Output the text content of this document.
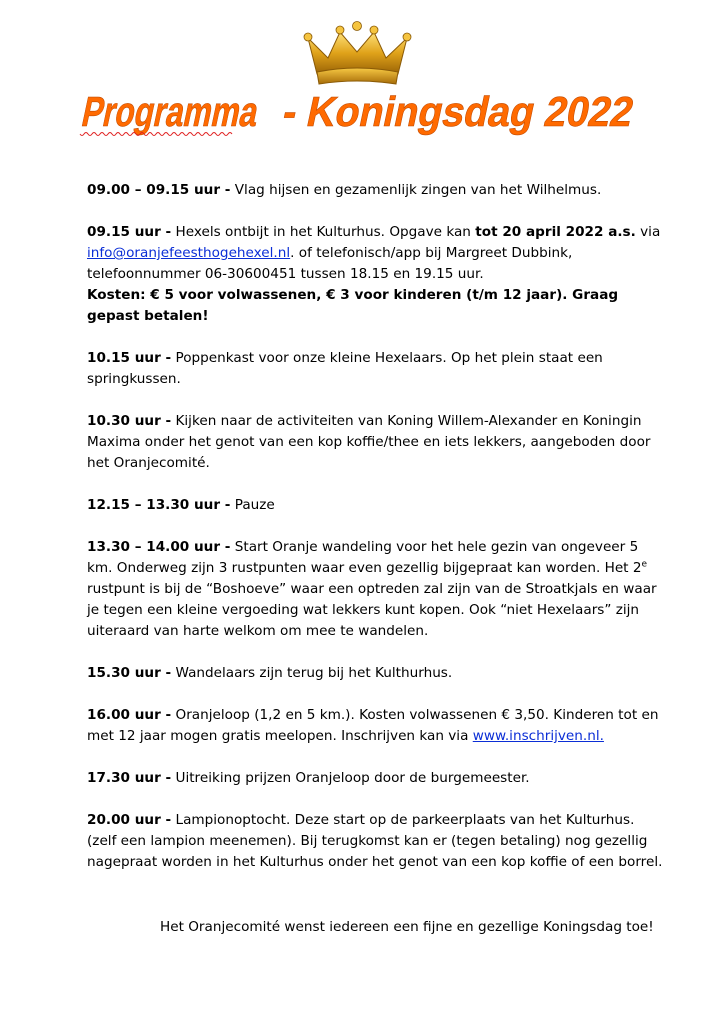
Programma
- Koningsdag 2022

09.00 – 09.15 uur - Vlag hijsen en gezamenlijk zingen van het Wilhelmus.

09.15 uur - Hexels ontbijt in het Kulturhus. Opgave kan tot 20 april 2022 a.s. via
info@oranjefeesthogehexel.nl. of telefonisch/app bij Margreet Dubbink,
telefoonnummer 06-30600451 tussen 18.15 en 19.15 uur.
Kosten: € 5 voor volwassenen, € 3 voor kinderen (t/m 12 jaar). Graag gepast betalen!

10.15 uur - Poppenkast voor onze kleine Hexelaars. Op het plein staat een springkussen.

10.30 uur - Kijken naar de activiteiten van Koning Willem-Alexander en Koningin Maxima onder het genot van een kop koffie/thee en iets lekkers, aangeboden door het Oranjecomité.

12.15 – 13.30 uur - Pauze

13.30 – 14.00 uur - Start Oranje wandeling voor het hele gezin van ongeveer 5 km. Onderweg zijn 3 rustpunten waar even gezellig bijgepraat kan worden. Het 2e rustpunt is bij de “Boshoeve” waar een optreden zal zijn van de Stroatkjals en waar je tegen een kleine vergoeding wat lekkers kunt kopen. Ook “niet Hexelaars” zijn uiteraard van harte welkom om mee te wandelen.

15.30 uur - Wandelaars zijn terug bij het Kulthurhus.

16.00 uur - Oranjeloop (1,2 en 5 km.). Kosten volwassenen € 3,50. Kinderen tot en met 12 jaar mogen gratis meelopen. Inschrijven kan via www.inschrijven.nl.

17.30 uur - Uitreiking prijzen Oranjeloop door de burgemeester.

20.00 uur - Lampionoptocht. Deze start op de parkeerplaats van het Kulturhus. (zelf een lampion meenemen). Bij terugkomst kan er (tegen betaling) nog gezellig nagepraat worden in het Kulturhus onder het genot van een kop koffie of een borrel.

Het Oranjecomité wenst iedereen een fijne en gezellige Koningsdag toe!
